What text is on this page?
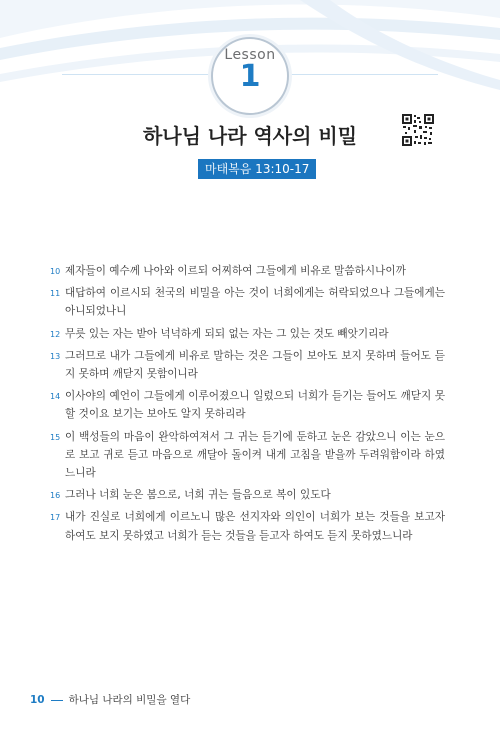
Lesson
1
하나님 나라 역사의 비밀
마태복음 13:10-17
10 제자들이 예수께 나아와 이르되 어찌하여 그들에게 비유로 말씀하시나이까
11 대답하여 이르시되 천국의 비밀을 아는 것이 너희에게는 허락되었으나 그들에게는 아니되었나니
12 무릇 있는 자는 받아 넉넉하게 되되 없는 자는 그 있는 것도 빼앗기리라
13 그러므로 내가 그들에게 비유로 말하는 것은 그들이 보아도 보지 못하며 들어도 듣지 못하며 깨닫지 못함이니라
14 이사야의 예언이 그들에게 이루어졌으니 일렀으되 너희가 듣기는 들어도 깨닫지 못할 것이요 보기는 보아도 알지 못하리라
15 이 백성들의 마음이 완악하여져서 그 귀는 듣기에 둔하고 눈은 감았으니 이는 눈으로 보고 귀로 듣고 마음으로 깨달아 돌이켜 내게 고침을 받을까 두려워함이라 하였느니라
16 그러나 너희 눈은 봄으로, 너희 귀는 들음으로 복이 있도다
17 내가 진실로 너희에게 이르노니 많은 선지자와 의인이 너희가 보는 것들을 보고자 하여도 보지 못하였고 너희가 듣는 것들을 듣고자 하여도 듣지 못하였느니라
10 하나님 나라의 비밀을 열다
